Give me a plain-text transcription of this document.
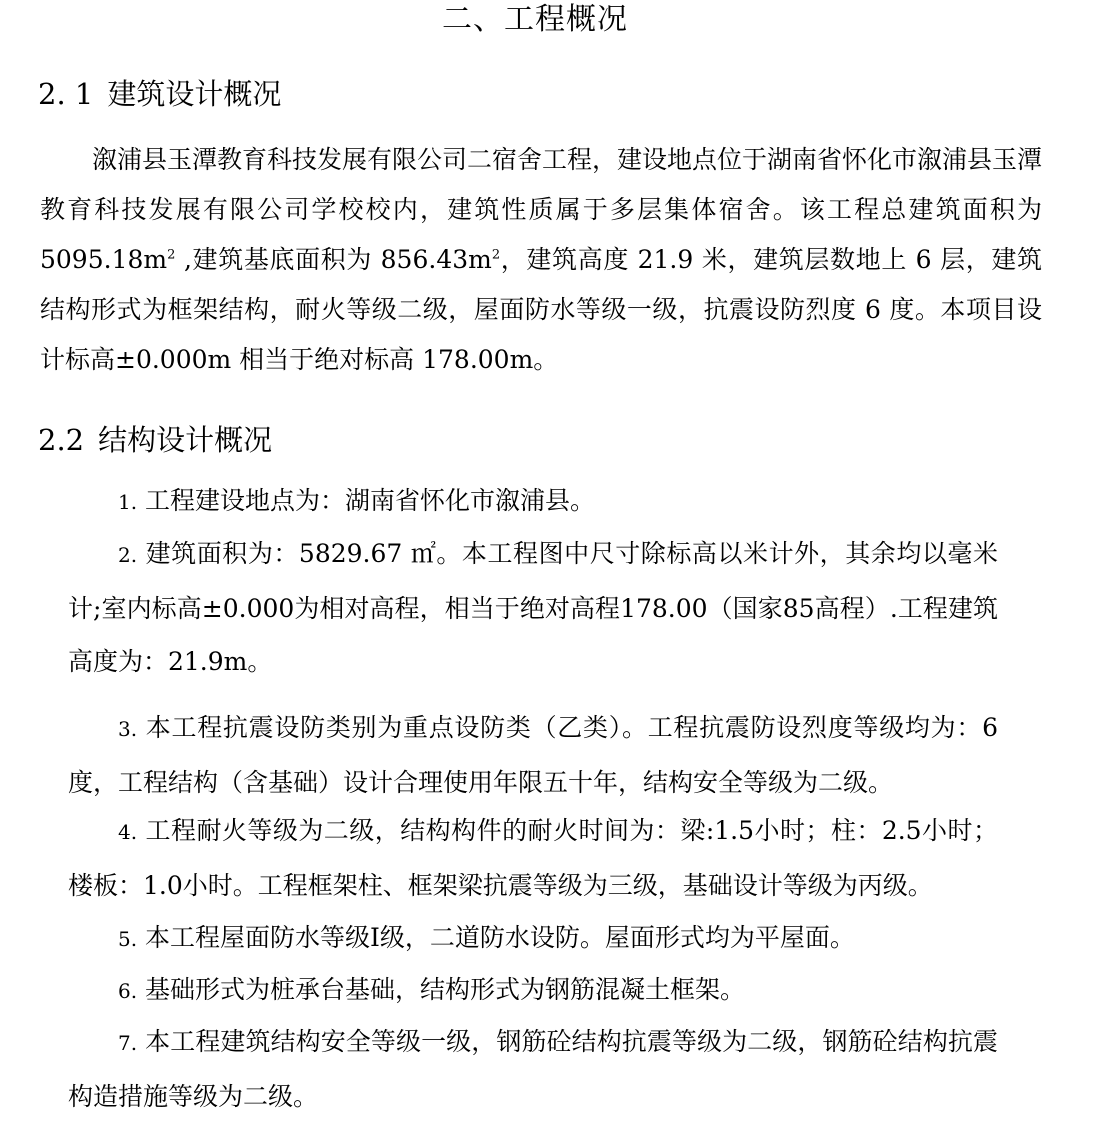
二、工程概况
2. 1 建筑设计概况
溆浦县玉潭教育科技发展有限公司二宿舍工程，建设地点位于湖南省怀化市溆浦县玉潭教育科技发展有限公司学校校内，建筑性质属于多层集体宿舍。该工程总建筑面积为 $5095.18m^2$ ,建筑基底面积为 $856.43m^2$，建筑高度 21.9 米，建筑层数地上 6 层，建筑结构形式为框架结构，耐火等级二级，屋面防水等级一级，抗震设防烈度 6 度。本项目设计标高±0.000m 相当于绝对标高 178.00m。
2.2 结构设计概况
1. 工程建设地点为：湖南省怀化市溆浦县。
2. 建筑面积为：5829.67 ㎡。本工程图中尺寸除标高以米计外，其余均以毫米计;室内标高±0.000为相对高程，相当于绝对高程178.00（国家85高程）.工程建筑高度为：21.9m。
3. 本工程抗震设防类别为重点设防类（乙类）。工程抗震防设烈度等级均为：6度，工程结构（含基础）设计合理使用年限五十年，结构安全等级为二级。
4. 工程耐火等级为二级，结构构件的耐火时间为：梁:1.5小时；柱：2.5小时；楼板：1.0小时。工程框架柱、框架梁抗震等级为三级，基础设计等级为丙级。
5. 本工程屋面防水等级Ⅰ级，二道防水设防。屋面形式均为平屋面。
6. 基础形式为桩承台基础，结构形式为钢筋混凝土框架。
7. 本工程建筑结构安全等级一级，钢筋砼结构抗震等级为二级，钢筋砼结构抗震构造措施等级为二级。
